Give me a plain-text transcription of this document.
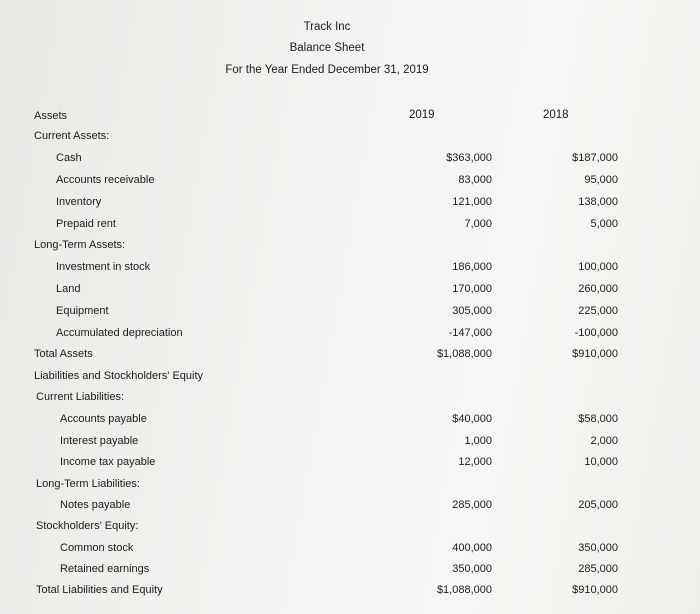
Track Inc
Balance Sheet
For the Year Ended December 31, 2019
2019	2018
Assets
Current Assets:
Cash	$363,000	$187,000
Accounts receivable	83,000	95,000
Inventory	121,000	138,000
Prepaid rent	7,000	5,000
Long-Term Assets:
Investment in stock	186,000	100,000
Land	170,000	260,000
Equipment	305,000	225,000
Accumulated depreciation	-147,000	-100,000
Total Assets	$1,088,000	$910,000
Liabilities and Stockholders' Equity
Current Liabilities:
Accounts payable	$40,000	$58,000
Interest payable	1,000	2,000
Income tax payable	12,000	10,000
Long-Term Liabilities:
Notes payable	285,000	205,000
Stockholders' Equity:
Common stock	400,000	350,000
Retained earnings	350,000	285,000
Total Liabilities and Equity	$1,088,000	$910,000
